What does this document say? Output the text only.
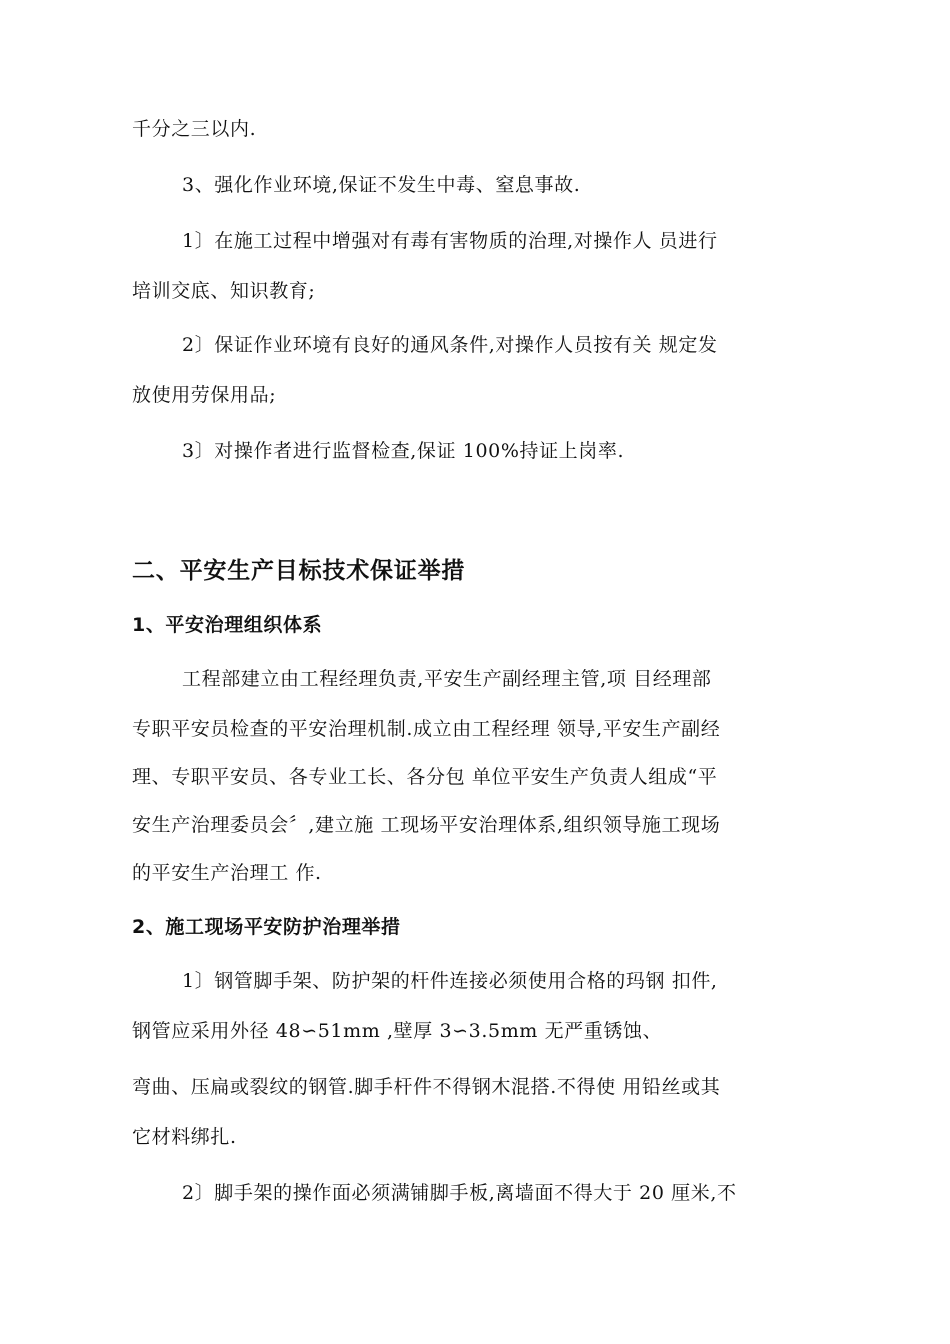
千分之三以内.
3、强化作业环境,保证不发生中毒、窒息事故.
1〕在施工过程中增强对有毒有害物质的治理,对操作人 员进行
培训交底、知识教育;
2〕保证作业环境有良好的通风条件,对操作人员按有关 规定发
放使用劳保用品;
3〕对操作者进行监督检查,保证 100%持证上岗率.
二、平安生产目标技术保证举措
1、平安治理组织体系
工程部建立由工程经理负责,平安生产副经理主管,项 目经理部
专职平安员检查的平安治理机制.成立由工程经理 领导,平安生产副经
理、专职平安员、各专业工长、各分包 单位平安生产负责人组成“平
安生产治理委员会〞,建立施 工现场平安治理体系,组织领导施工现场
的平安生产治理工 作.
2、施工现场平安防护治理举措
1〕钢管脚手架、防护架的杆件连接必须使用合格的玛钢 扣件,
钢管应采用外径 48∽51mm ,壁厚 3∽3.5mm 无严重锈蚀、
弯曲、压扁或裂纹的钢管.脚手杆件不得钢木混搭.不得使 用铅丝或其
它材料绑扎.
2〕脚手架的操作面必须满铺脚手板,离墙面不得大于 20 厘米,不
